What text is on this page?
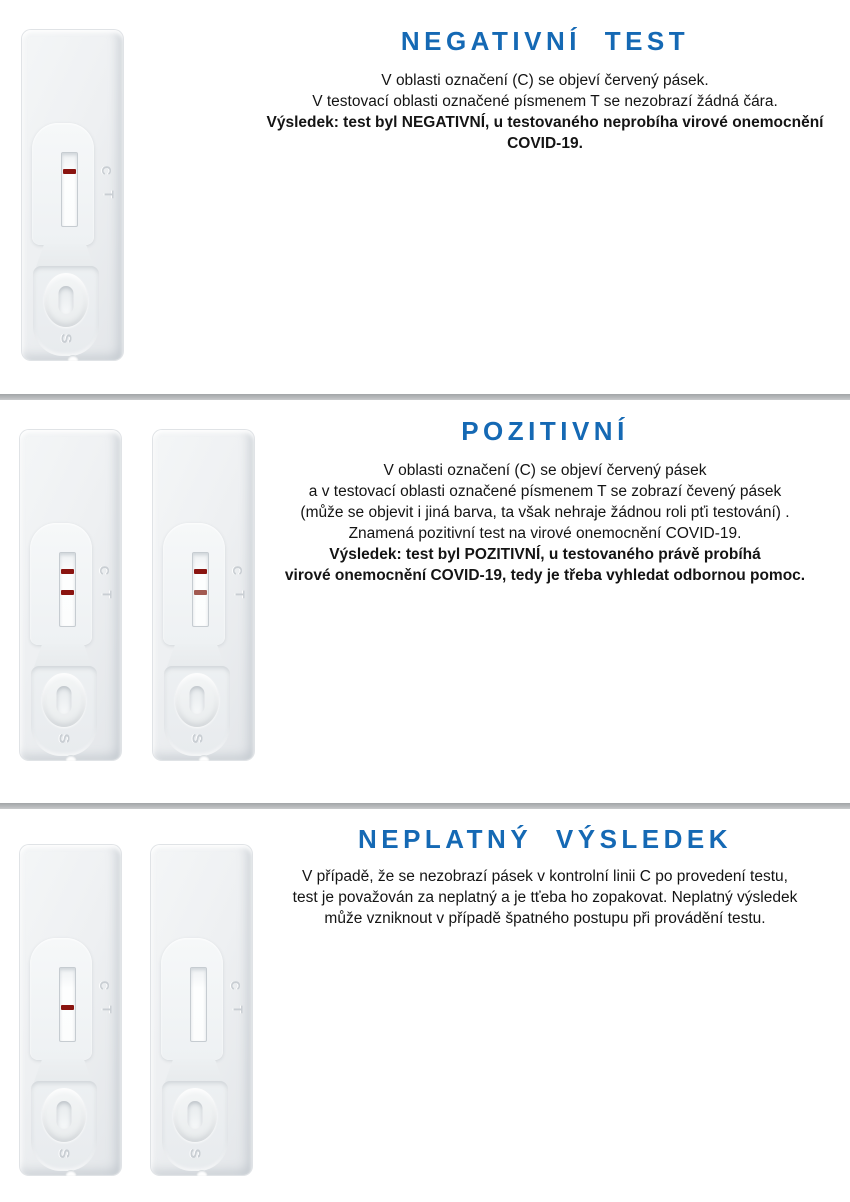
C
T
S
NEGATIVNÍ TEST
V oblasti označení (C) se objeví červený pásek.
V testovací oblasti označené písmenem T se nezobrazí žádná čára.
Výsledek: test byl NEGATIVNÍ, u testovaného neprobíha virové onemocnění
COVID-19.
C
T
S
C
T
S
POZITIVNÍ
V oblasti označení (C) se objeví červený pásek
a v testovací oblasti označené písmenem T se zobrazí čevený pásek
(může se objevit i jiná barva, ta však nehraje žádnou roli pťi testování) .
Znamená pozitivní test na virové onemocnění COVID-19.
Výsledek: test byl POZITIVNÍ, u testovaného právě probíhá
virové onemocnění COVID-19, tedy je třeba vyhledat odbornou pomoc.
C
T
S
C
T
S
NEPLATNÝ VÝSLEDEK
V případě, že se nezobrazí pásek v kontrolní linii C po provedení testu,
test je považován za neplatný a je tťeba ho zopakovat. Neplatný výsledek
může vzniknout v případě špatného postupu při provádění testu.
